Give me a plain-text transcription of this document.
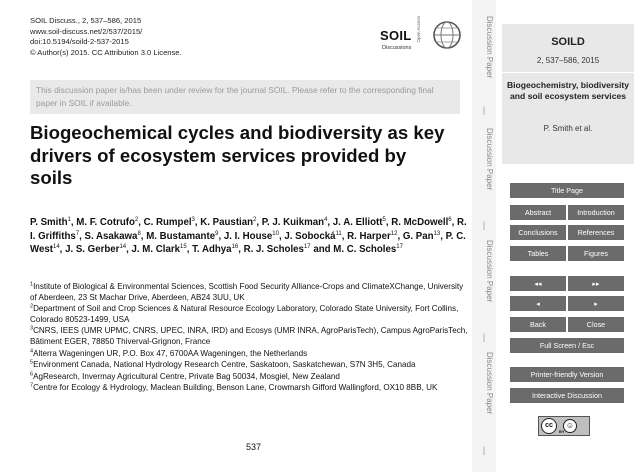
SOIL Discuss., 2, 537–586, 2015
www.soil-discuss.net/2/537/2015/
doi:10.5194/soild-2-537-2015
© Author(s) 2015. CC Attribution 3.0 License.
SOIL
Discussions
Open Access
This discussion paper is/has been under review for the journal SOIL. Please refer to the corresponding final paper in SOIL if available.
Biogeochemical cycles and biodiversity as key drivers of ecosystem services provided by soils
P. Smith$^1$, M. F. Cotrufo$^2$, C. Rumpel$^3$, K. Paustian$^2$, P. J. Kuikman$^4$, J. A. Elliott$^5$, R. McDowell$^6$, R. I. Griffiths$^7$, S. Asakawa$^8$, M. Bustamante$^9$, J. I. House$^{10}$, J. Sobocká$^{11}$, R. Harper$^{12}$, G. Pan$^{13}$, P. C. West$^{14}$, J. S. Gerber$^{14}$, J. M. Clark$^{15}$, T. Adhya$^{16}$, R. J. Scholes$^{17}$ and M. C. Scholes$^{17}$
$^1$Institute of Biological & Environmental Sciences, Scottish Food Security Alliance-Crops and ClimateXChange, University of Aberdeen, 23 St Machar Drive, Aberdeen, AB24 3UU, UK
$^2$Department of Soil and Crop Sciences & Natural Resource Ecology Laboratory, Colorado State University, Fort Collins, Colorado 80523-1499, USA
$^3$CNRS, IEES (UMR UPMC, CNRS, UPEC, INRA, IRD) and Ecosys (UMR INRA, AgroParisTech), Campus AgroParisTech, Bâtiment EGER, 78850 Thiverval-Grignon, France
$^4$Alterra Wageningen UR, P.O. Box 47, 6700AA Wageningen, the Netherlands
$^5$Environment Canada, National Hydrology Research Centre, Saskatoon, Saskatchewan, S7N 3H5, Canada
$^6$AgResearch, Invermay Agricultural Centre, Private Bag 50034, Mosgiel, New Zealand
$^7$Centre for Ecology & Hydrology, Maclean Building, Benson Lane, Crowmarsh Gifford Wallingford, OX10 8BB, UK
537
Discussion Paper
|
Discussion Paper
|
Discussion Paper
|
Discussion Paper
|
SOILD
2, 537–586, 2015
Biogeochemistry, biodiversity and soil ecosystem services
P. Smith et al.
Title Page
Abstract	Introduction
Conclusions	References
Tables	Figures
◂◂	▸▸
◂	▸
Back	Close
Full Screen / Esc
Printer-friendly Version
Interactive Discussion
cc	☺
BY
